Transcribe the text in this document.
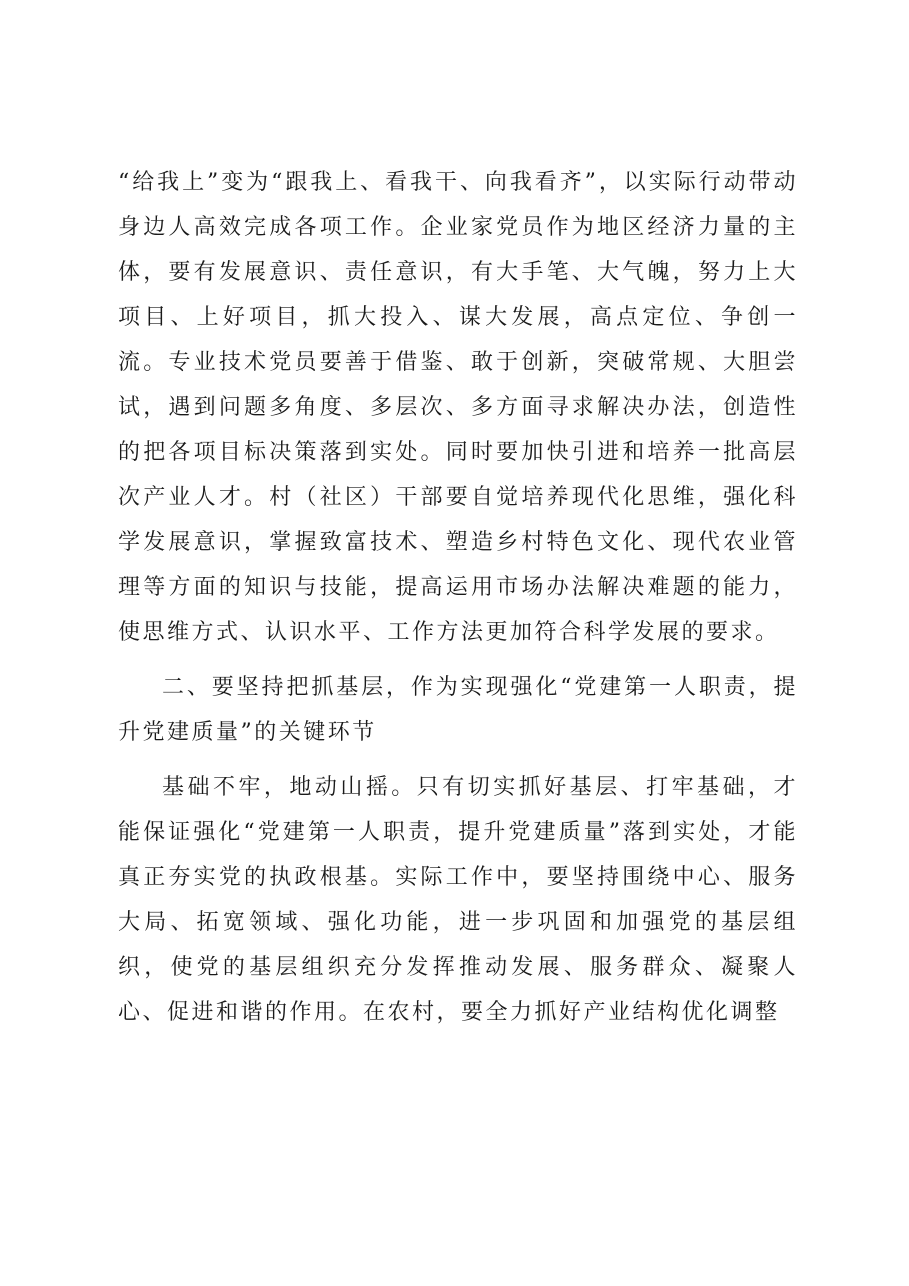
“给我上”变为“跟我上、看我干、向我看齐”，以实际行动带动身边人高效完成各项工作。企业家党员作为地区经济力量的主体，要有发展意识、责任意识，有大手笔、大气魄，努力上大项目、上好项目，抓大投入、谋大发展，高点定位、争创一流。专业技术党员要善于借鉴、敢于创新，突破常规、大胆尝试，遇到问题多角度、多层次、多方面寻求解决办法，创造性的把各项目标决策落到实处。同时要加快引进和培养一批高层次产业人才。村（社区）干部要自觉培养现代化思维，强化科学发展意识，掌握致富技术、塑造乡村特色文化、现代农业管理等方面的知识与技能，提高运用市场办法解决难题的能力，使思维方式、认识水平、工作方法更加符合科学发展的要求。

二、要坚持把抓基层，作为实现强化“党建第一人职责，提升党建质量”的关键环节

基础不牢，地动山摇。只有切实抓好基层、打牢基础，才能保证强化“党建第一人职责，提升党建质量”落到实处，才能真正夯实党的执政根基。实际工作中，要坚持围绕中心、服务大局、拓宽领域、强化功能，进一步巩固和加强党的基层组织，使党的基层组织充分发挥推动发展、服务群众、凝聚人心、促进和谐的作用。在农村，要全力抓好产业结构优化调整
